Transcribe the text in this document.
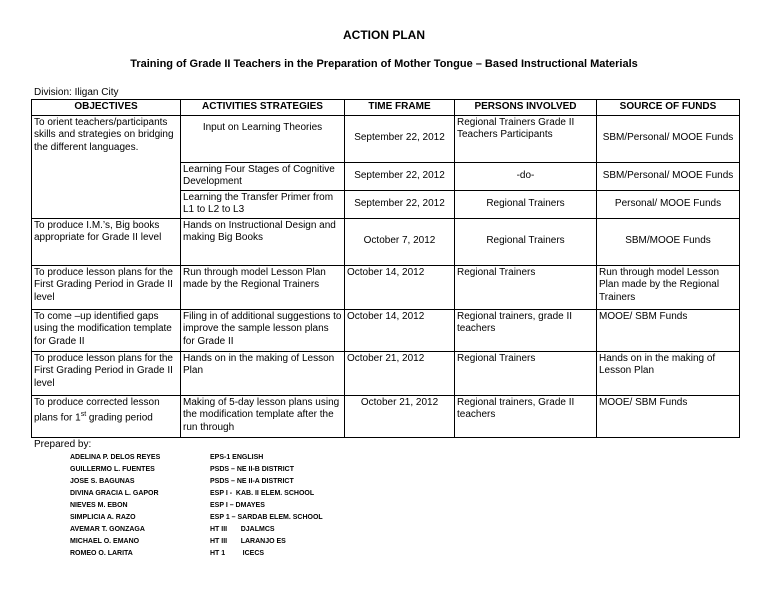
ACTION PLAN
Training of Grade II Teachers in the Preparation of Mother Tongue – Based Instructional Materials
Division: Iligan City
OBJECTIVES	ACTIVITIES STRATEGIES	TIME FRAME	PERSONS INVOLVED	SOURCE OF FUNDS
To orient teachers/participants skills and strategies on bridging the different languages.	Input on Learning Theories	September 22, 2012	Regional Trainers Grade II Teachers Participants	SBM/Personal/ MOOE Funds
	Learning Four Stages of Cognitive Development	September 22, 2012	-do-	SBM/Personal/ MOOE Funds
	Learning the Transfer Primer from L1 to L2 to L3	September 22, 2012	Regional Trainers	Personal/ MOOE Funds
To produce I.M.’s, Big books appropriate for Grade II level	Hands on Instructional Design and making Big Books	October 7, 2012	Regional Trainers	SBM/MOOE Funds
To produce lesson plans for the First Grading Period in Grade II level	Run through model Lesson Plan made by the Regional Trainers	October 14, 2012	Regional Trainers	Run through model Lesson Plan made by the Regional Trainers
To come –up identified gaps using the modification template for Grade II	Filing in of additional suggestions to improve the sample lesson plans for Grade II	October 14, 2012	Regional trainers, grade II teachers	MOOE/ SBM Funds
To produce lesson plans for the First Grading Period in Grade II level	Hands on in the making of Lesson Plan	October 21, 2012	Regional Trainers	Hands on in the making of Lesson Plan
To produce corrected lesson plans for 1st grading period	Making of 5-day lesson plans using the modification template after the run through	October 21, 2012	Regional trainers, Grade II teachers	MOOE/ SBM Funds
Prepared by:
ADELINA P. DELOS REYES	EPS-1 ENGLISH
GUILLERMO L. FUENTES	PSDS – NE II-B DISTRICT
JOSE S. BAGUNAS	PSDS – NE II-A DISTRICT
DIVINA GRACIA L. GAPOR	ESP I -  KAB. II ELEM. SCHOOL
NIEVES M. EBON	ESP I – DMAYES
SIMPLICIA A. RAZO	ESP 1 – SARDAB ELEM. SCHOOL
AVEMAR T. GONZAGA	HT III       DJALMCS
MICHAEL O. EMANO	HT III       LARANJO ES
ROMEO O. LARITA	HT 1         ICECS
